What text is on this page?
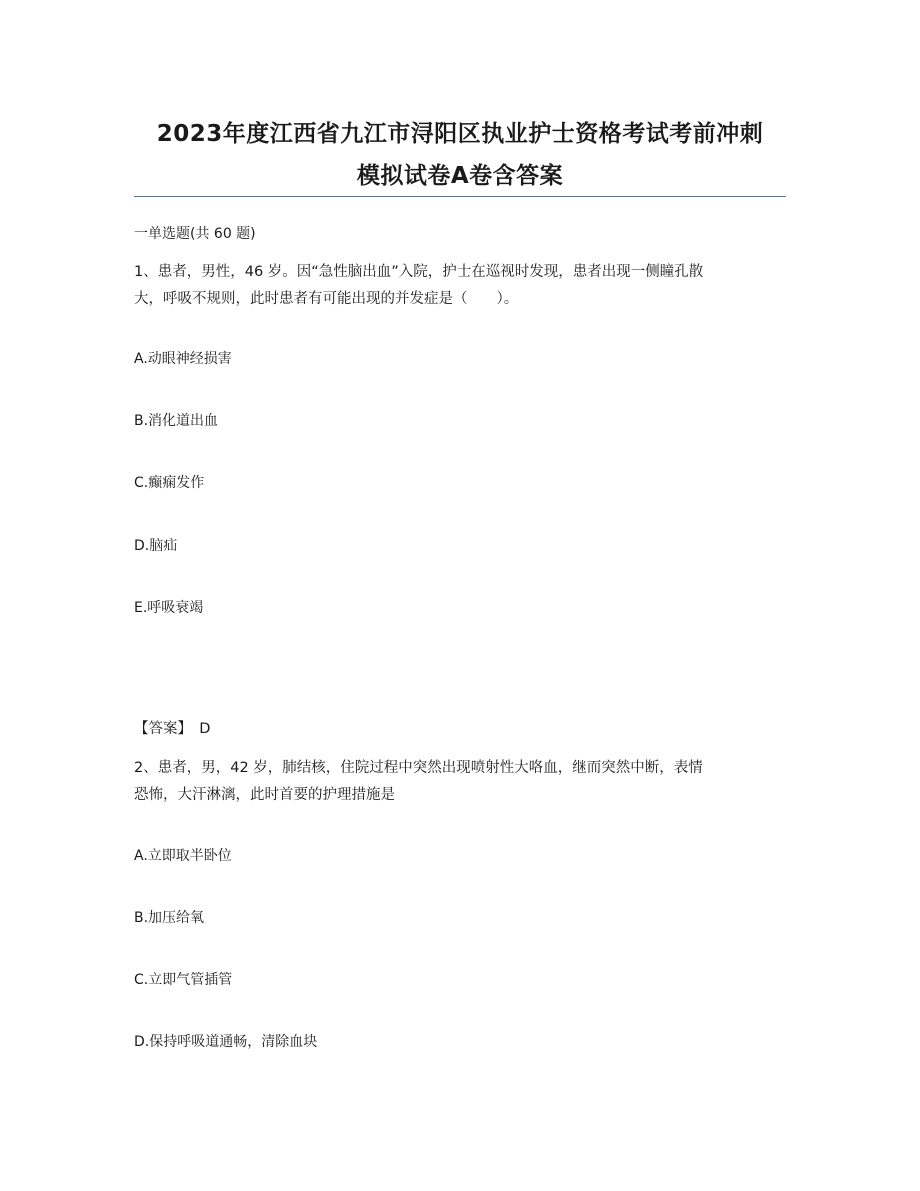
2023年度江西省九江市浔阳区执业护士资格考试考前冲刺
模拟试卷A卷含答案
一单选题(共 60 题)
1、患者，男性，46 岁。因“急性脑出血”入院，护士在巡视时发现，患者出现一侧瞳孔散
大，呼吸不规则，此时患者有可能出现的并发症是（　　）。
A.动眼神经损害
B.消化道出血
C.癫痫发作
D.脑疝
E.呼吸衰竭
【答案】　D
2、患者，男，42 岁，肺结核，住院过程中突然出现喷射性大咯血，继而突然中断，表情
恐怖，大汗淋漓，此时首要的护理措施是
A.立即取半卧位
B.加压给氧
C.立即气管插管
D.保持呼吸道通畅，清除血块
